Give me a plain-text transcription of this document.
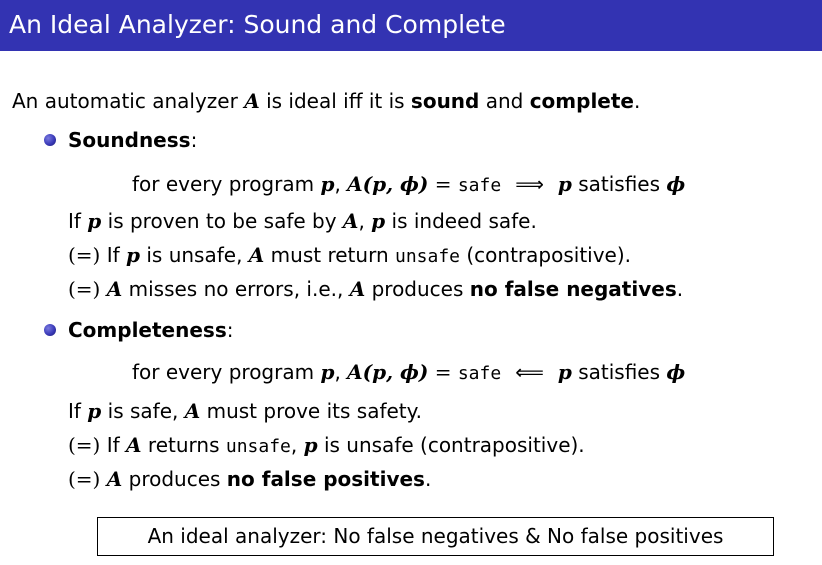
An Ideal Analyzer: Sound and Complete
An automatic analyzer A is ideal iff it is sound and complete.
Soundness:
for every program p, A(p, ϕ) = safe ⟹ p satisfies ϕ
If p is proven to be safe by A, p is indeed safe.
(=) If p is unsafe, A must return unsafe (contrapositive).
(=) A misses no errors, i.e., A produces no false negatives.
Completeness:
for every program p, A(p, ϕ) = safe ⟸ p satisfies ϕ
If p is safe, A must prove its safety.
(=) If A returns unsafe, p is unsafe (contrapositive).
(=) A produces no false positives.
An ideal analyzer: No false negatives & No false positives
